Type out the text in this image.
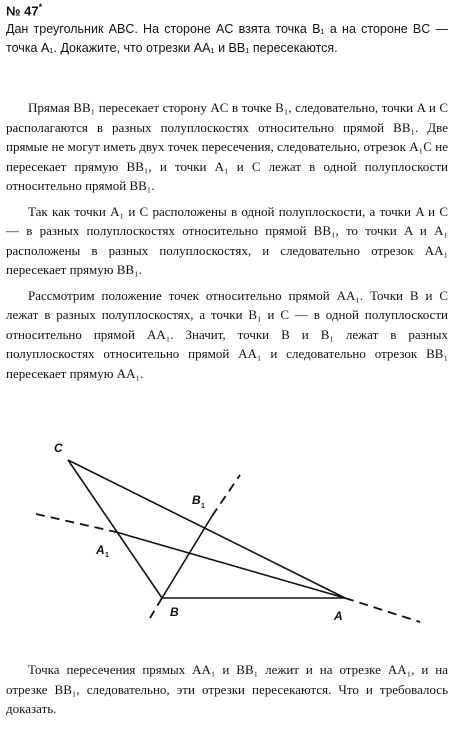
№ 47*
Дан треугольник ABC. На стороне AC взята точка B₁ а на стороне BC — точка A₁. Докажите, что отрезки AA₁ и BB₁ пересекаются.

Прямая BB₁ пересекает сторону AC в точке B₁, следовательно, точки A и C располагаются в разных полуплоскостях относительно прямой BB₁. Две прямые не могут иметь двух точек пересечения, следовательно, отрезок A₁C не пересекает прямую BB₁, и точки A₁ и C лежат в одной полуплоскости относительно прямой BB₁.

Так как точки A₁ и C расположены в одной полуплоскости, а точки A и C — в разных полуплоскостях относительно прямой BB₁, то точки A и A₁ расположены в разных полуплоскостях, и следовательно отрезок AA₁ пересекает прямую BB₁.

Рассмотрим положение точек относительно прямой AA₁. Точки B и C лежат в разных полуплоскостях, а точки B₁ и C — в одной полуплоскости относительно прямой AA₁. Значит, точки B и B₁ лежат в разных полуплоскостях относительно прямой AA₁ и следовательно отрезок BB₁ пересекает прямую AA₁.

C
B	A
A 1
B 1

Точка пересечения прямых AA₁ и BB₁ лежит и на отрезке AA₁, и на отрезке BB₁, следовательно, эти отрезки пересекаются. Что и требовалось доказать.
